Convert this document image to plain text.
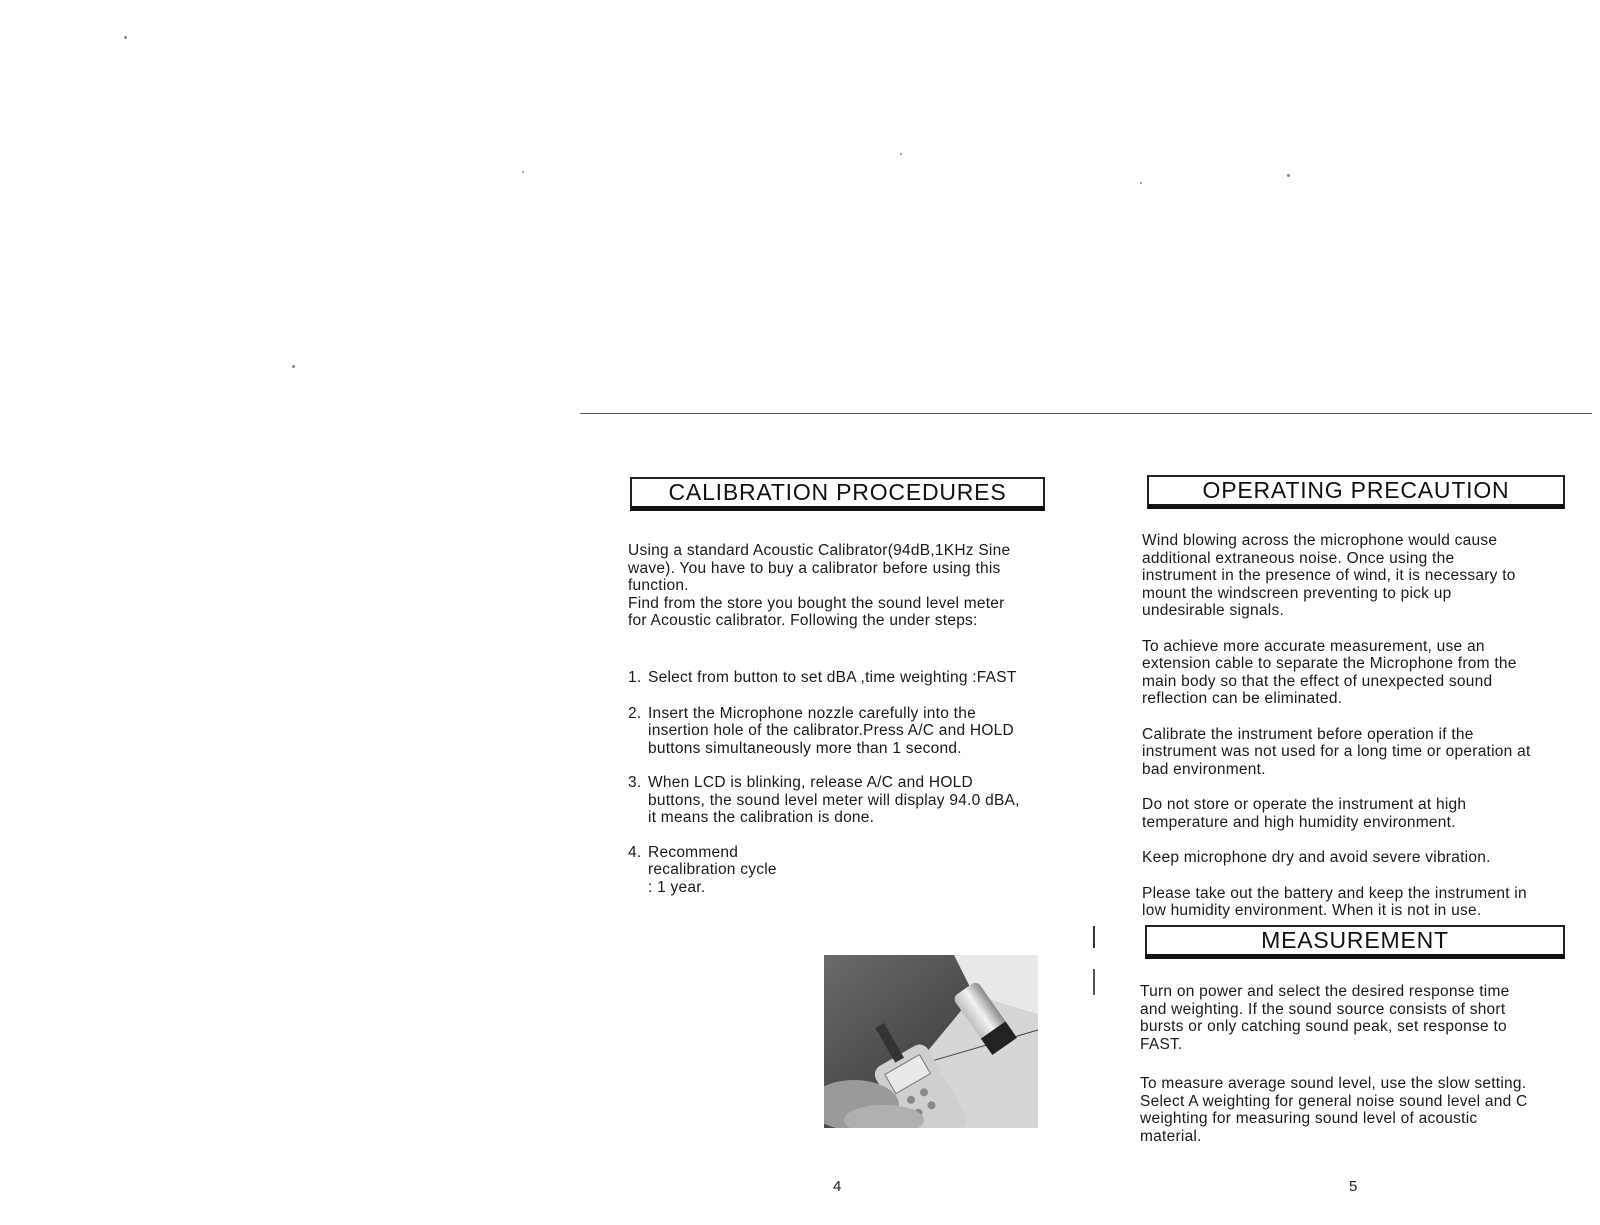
CALIBRATION PROCEDURES

Using a standard Acoustic Calibrator(94dB,1KHz Sine
wave). You have to buy a calibrator before using this
function.
Find from the store you bought the sound level meter
for Acoustic calibrator. Following the under steps:

1. Select from button to set dBA ,time weighting :FAST
2. Insert the Microphone nozzle carefully into the
insertion hole of the calibrator.Press A/C and HOLD
buttons simultaneously more than 1 second.
3. When LCD is blinking, release A/C and HOLD
buttons, the sound level meter will display 94.0 dBA,
it means the calibration is done.
4. Recommend
recalibration cycle
: 1 year.
4
OPERATING PRECAUTION

Wind blowing across the microphone would cause
additional extraneous noise. Once using the
instrument in the presence of wind, it is necessary to
mount the windscreen preventing to pick up
undesirable signals.

To achieve more accurate measurement, use an
extension cable to separate the Microphone from the
main body so that the effect of unexpected sound
reflection can be eliminated.

Calibrate the instrument before operation if the
instrument was not used for a long time or operation at
bad environment.

Do not store or operate the instrument at high
temperature and high humidity environment.

Keep microphone dry and avoid severe vibration.

Please take out the battery and keep the instrument in
low humidity environment. When it is not in use.

MEASUREMENT

Turn on power and select the desired response time
and weighting. If the sound source consists of short
bursts or only catching sound peak, set response to
FAST.

To measure average sound level, use the slow setting.
Select A weighting for general noise sound level and C
weighting for measuring sound level of acoustic
material.

5
